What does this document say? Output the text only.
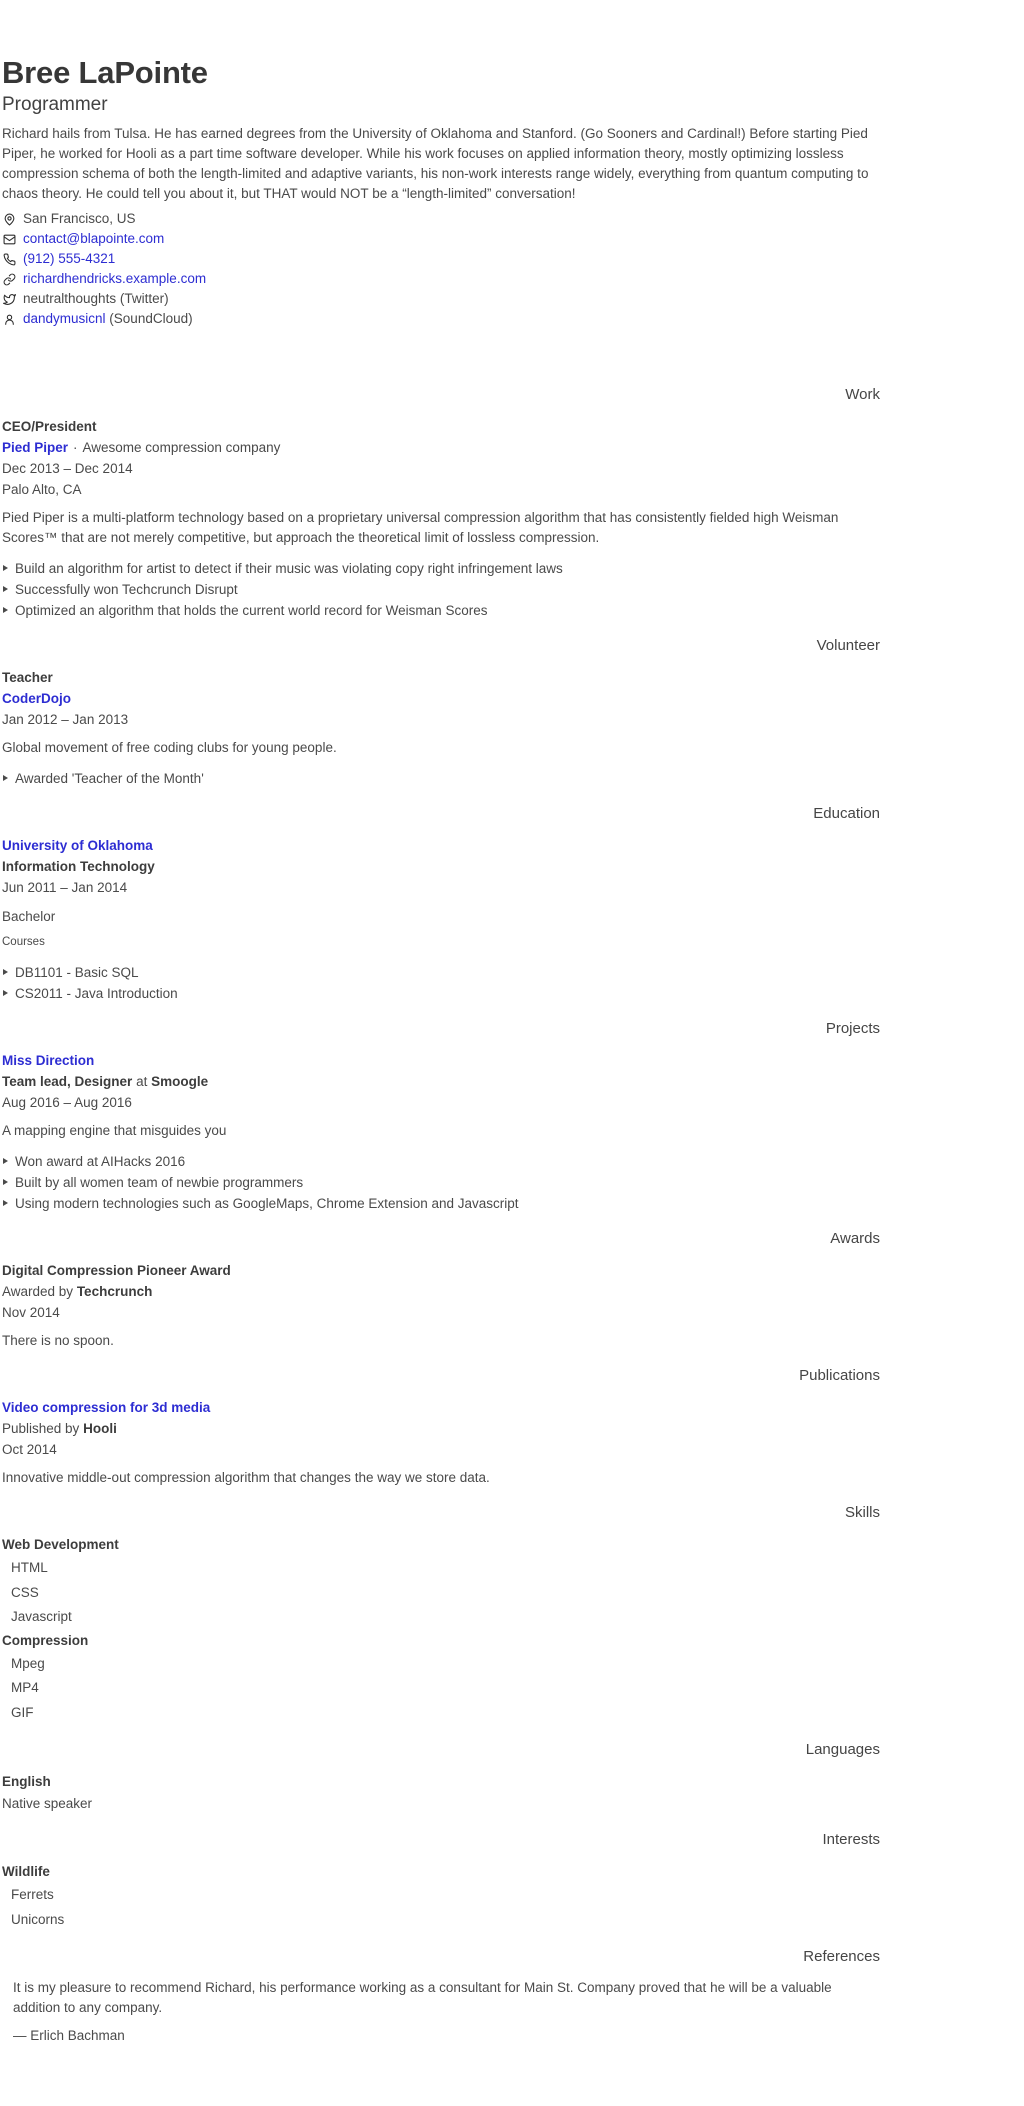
Bree LaPointe
Programmer

Richard hails from Tulsa. He has earned degrees from the University of Oklahoma and Stanford. (Go Sooners and Cardinal!) Before starting Pied Piper, he worked for Hooli as a part time software developer. While his work focuses on applied information theory, mostly optimizing lossless compression schema of both the length-limited and adaptive variants, his non-work interests range widely, everything from quantum computing to chaos theory. He could tell you about it, but THAT would NOT be a “length-limited” conversation!

San Francisco, US
contact@blapointe.com
(912) 555-4321
richardhendricks.example.com
neutralthoughts (Twitter)
dandymusicnl (SoundCloud)
Work
CEO/President
Pied Piper · Awesome compression company
Dec 2013 – Dec 2014
Palo Alto, CA

Pied Piper is a multi-platform technology based on a proprietary universal compression algorithm that has consistently fielded high Weisman Scores™ that are not merely competitive, but approach the theoretical limit of lossless compression.

Build an algorithm for artist to detect if their music was violating copy right infringement laws
Successfully won Techcrunch Disrupt
Optimized an algorithm that holds the current world record for Weisman Scores
Volunteer
Teacher
CoderDojo
Jan 2012 – Jan 2013

Global movement of free coding clubs for young people.

Awarded 'Teacher of the Month'
Education
University of Oklahoma
Information Technology
Jun 2011 – Jan 2014
Bachelor
Courses
DB1101 - Basic SQL
CS2011 - Java Introduction
Projects
Miss Direction
Team lead, Designer at Smoogle
Aug 2016 – Aug 2016

A mapping engine that misguides you

Won award at AIHacks 2016
Built by all women team of newbie programmers
Using modern technologies such as GoogleMaps, Chrome Extension and Javascript
Awards
Digital Compression Pioneer Award
Awarded by Techcrunch
Nov 2014

There is no spoon.

Publications
Video compression for 3d media
Published by Hooli
Oct 2014

Innovative middle-out compression algorithm that changes the way we store data.

Skills
Web Development
HTML
CSS
Javascript
Compression
Mpeg
MP4
GIF
Languages
English
Native speaker
Interests
Wildlife
Ferrets
Unicorns
References

It is my pleasure to recommend Richard, his performance working as a consultant for Main St. Company proved that he will be a valuable addition to any company.

— Erlich Bachman
